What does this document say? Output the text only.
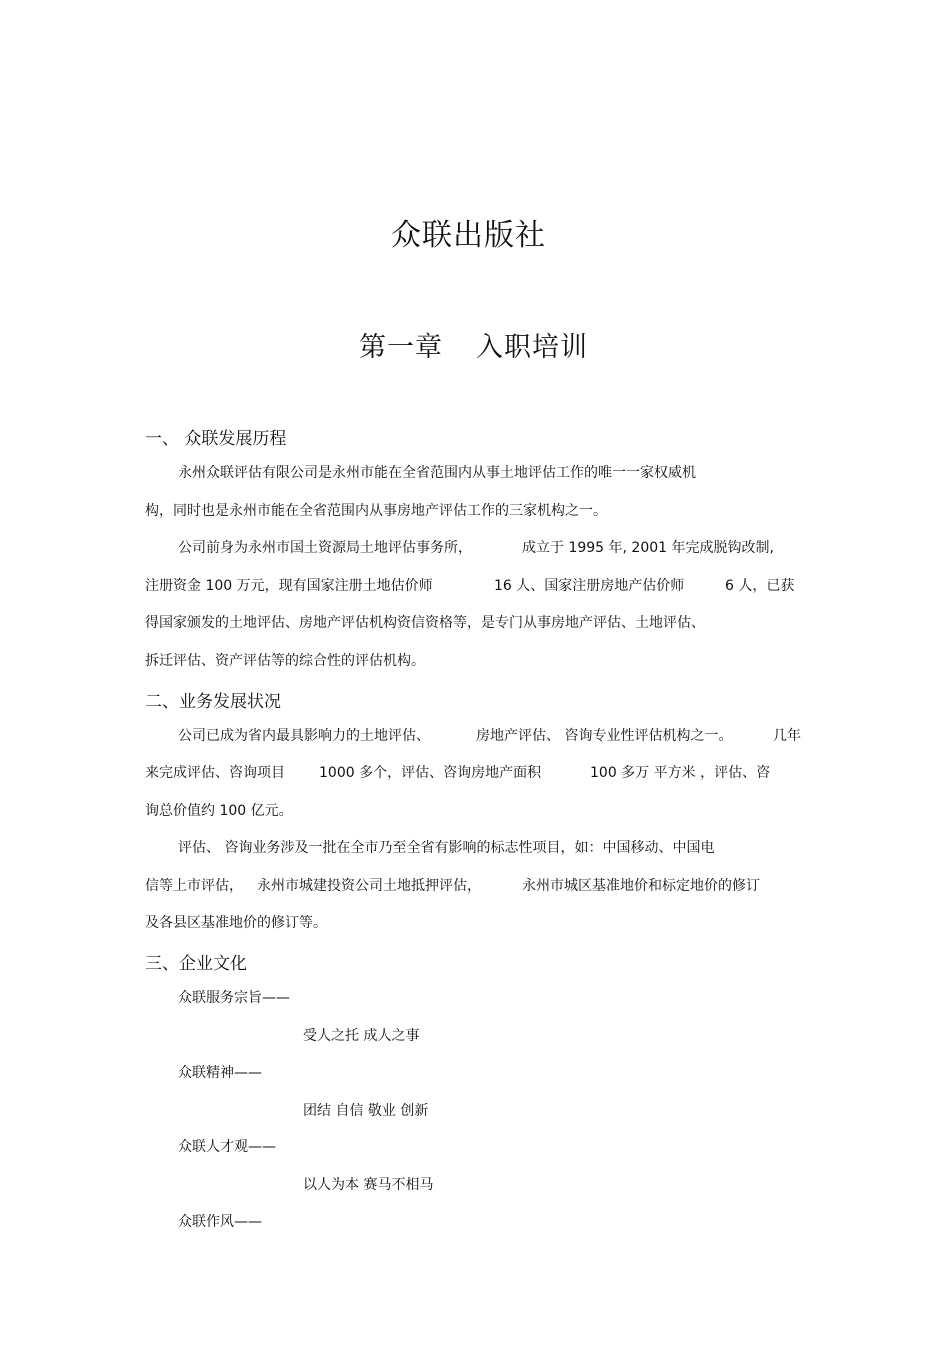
众联出版社
第一章 入职培训
一、 众联发展历程
永州众联评估有限公司是永州市能在全省范围内从事土地评估工作的唯一一家权威机
构，同时也是永州市能在全省范围内从事房地产评估工作的三家机构之一。
公司前身为永州市国土资源局土地评估事务所，	成立于 1995 年, 2001 年完成脱钩改制,
注册资金 100 万元，现有国家注册土地估价师	16 人、国家注册房地产估价师	6 人，已获
得国家颁发的土地评估、房地产评估机构资信资格等，是专门从事房地产评估、土地评估、
拆迁评估、资产评估等的综合性的评估机构。
二、业务发展状况
公司已成为省内最具影响力的土地评估、	房地产评估、 咨询专业性评估机构之一。	几年
来完成评估、咨询项目 1000 多个，评估、咨询房地产面积	100 多万 平方米 ，评估、咨
询总价值约 100 亿元。
评估、 咨询业务涉及一批在全市乃至全省有影响的标志性项目，如：中国移动、中国电
信等上市评估， 永州市城建投资公司土地抵押评估，	永州市城区基准地价和标定地价的修订
及各县区基准地价的修订等。
三、企业文化
众联服务宗旨——
受人之托 成人之事
众联精神——
团结 自信 敬业 创新
众联人才观——
以人为本 赛马不相马
众联作风——
